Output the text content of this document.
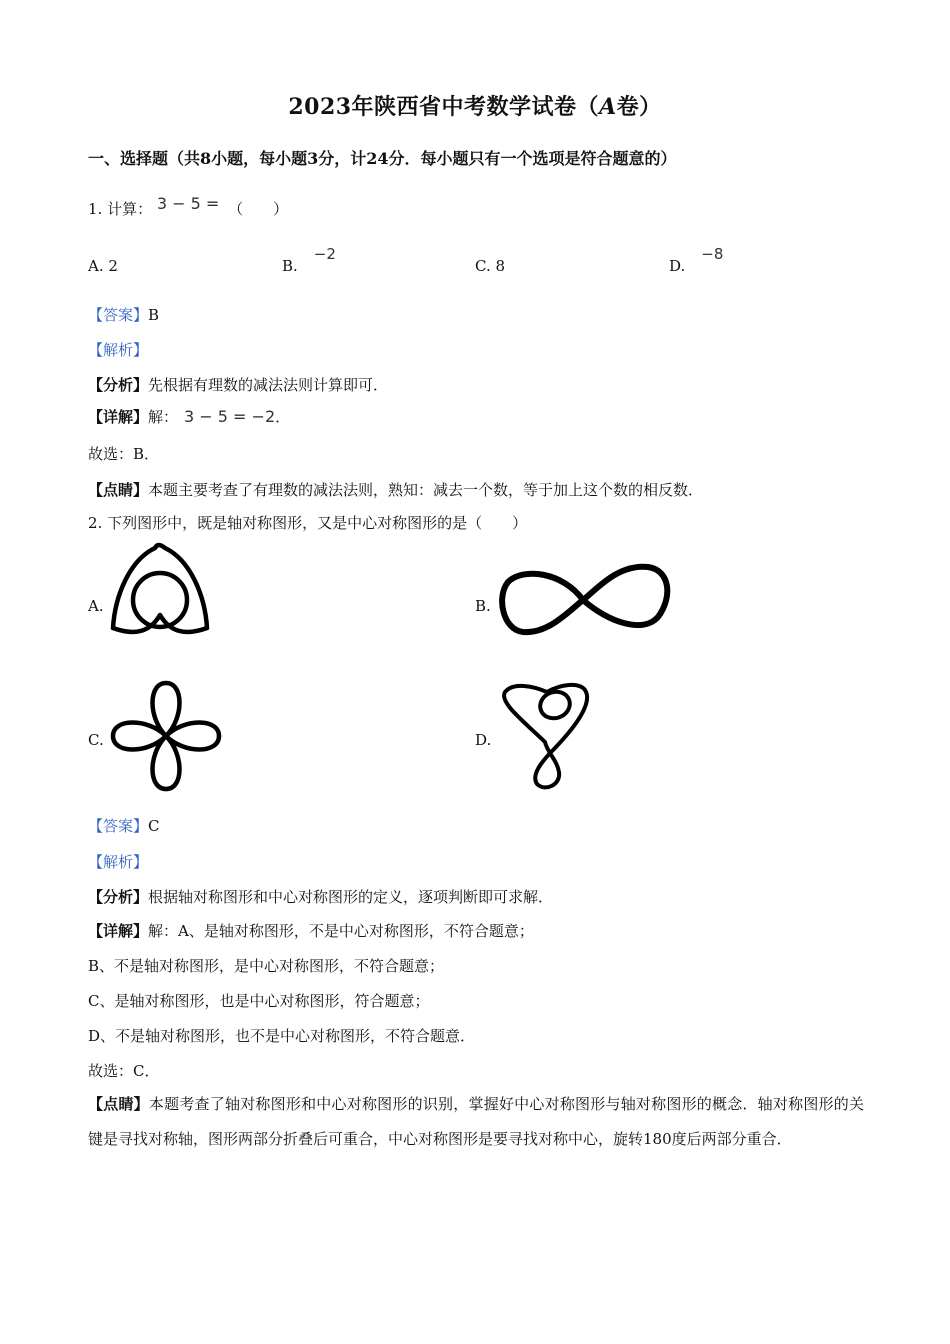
2023年陕西省中考数学试卷（A卷）
一、选择题（共8小题，每小题3分，计24分．每小题只有一个选项是符合题意的）
1. 计算： 3 − 5 = （　　）
A. 2	B.−2
C. 8	D.−8
【答案】B
【解析】
【分析】先根据有理数的减法法则计算即可．
【详解】解： 3 − 5 = −2．
故选：B．
【点睛】本题主要考查了有理数的减法法则，熟知：减去一个数，等于加上这个数的相反数．
2. 下列图形中，既是轴对称图形，又是中心对称图形的是（　　）
A.	B.
C.	D.
【答案】C
【解析】
【分析】根据轴对称图形和中心对称图形的定义，逐项判断即可求解．
【详解】解：A、是轴对称图形，不是中心对称图形，不符合题意；
B、不是轴对称图形，是中心对称图形，不符合题意；
C、是轴对称图形，也是中心对称图形，符合题意；
D、不是轴对称图形，也不是中心对称图形，不符合题意．
故选：C．
【点睛】本题考查了轴对称图形和中心对称图形的识别，掌握好中心对称图形与轴对称图形的概念．轴对称图形的关键是寻找对称轴，图形两部分折叠后可重合，中心对称图形是要寻找对称中心，旋转180度后两部分重合．
